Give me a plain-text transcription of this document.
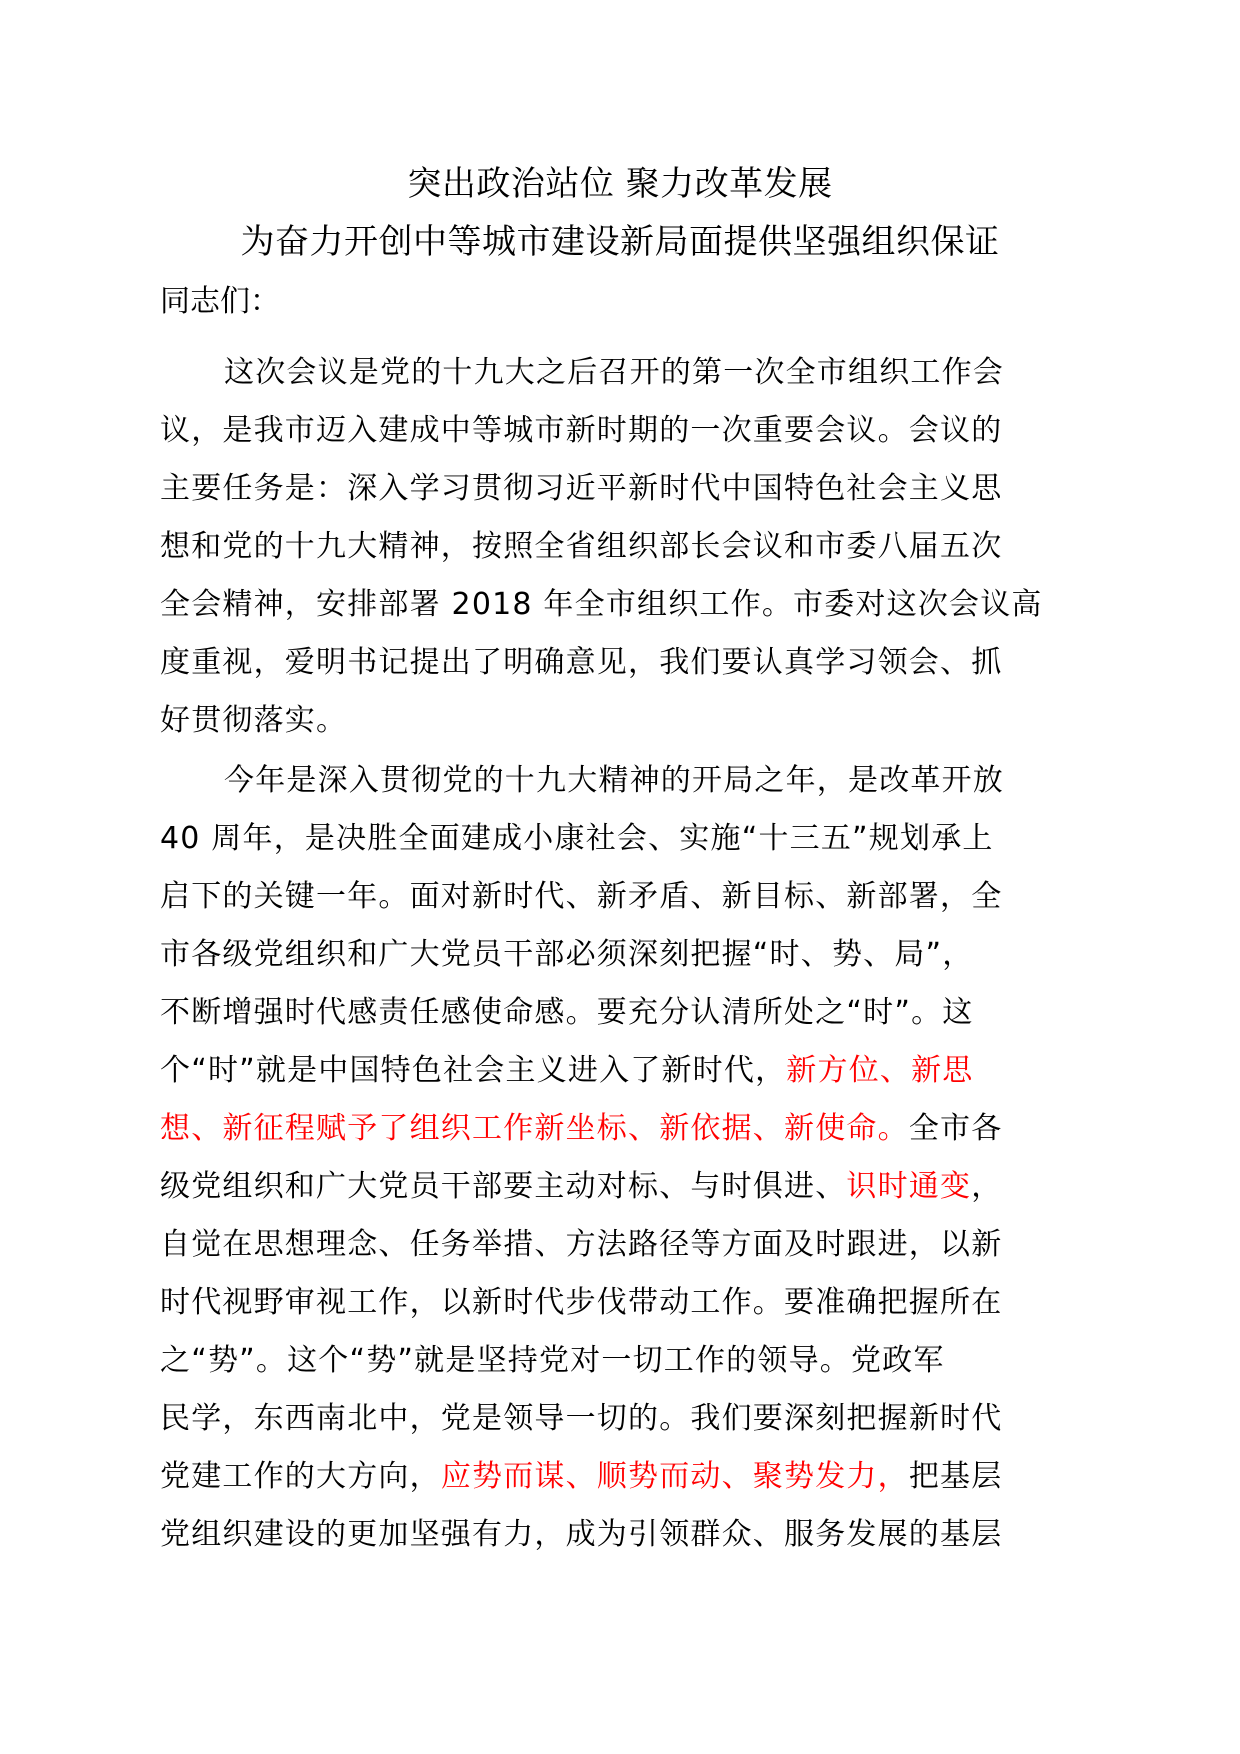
突出政治站位 聚力改革发展
为奋力开创中等城市建设新局面提供坚强组织保证
同志们：
这次会议是党的十九大之后召开的第一次全市组织工作会
议，是我市迈入建成中等城市新时期的一次重要会议。会议的
主要任务是：深入学习贯彻习近平新时代中国特色社会主义思
想和党的十九大精神，按照全省组织部长会议和市委八届五次
全会精神，安排部署 2018 年全市组织工作。市委对这次会议高
度重视，爱明书记提出了明确意见，我们要认真学习领会、抓
好贯彻落实。
今年是深入贯彻党的十九大精神的开局之年，是改革开放
40 周年，是决胜全面建成小康社会、实施“十三五”规划承上
启下的关键一年。面对新时代、新矛盾、新目标、新部署，全
市各级党组织和广大党员干部必须深刻把握“时、势、局”，
不断增强时代感责任感使命感。要充分认清所处之“时”。这
个“时”就是中国特色社会主义进入了新时代，新方位、新思
想、新征程赋予了组织工作新坐标、新依据、新使命。全市各
级党组织和广大党员干部要主动对标、与时俱进、识时通变，
自觉在思想理念、任务举措、方法路径等方面及时跟进，以新
时代视野审视工作，以新时代步伐带动工作。要准确把握所在
之“势”。这个“势”就是坚持党对一切工作的领导。党政军
民学，东西南北中，党是领导一切的。我们要深刻把握新时代
党建工作的大方向，应势而谋、顺势而动、聚势发力，把基层
党组织建设的更加坚强有力，成为引领群众、服务发展的基层
